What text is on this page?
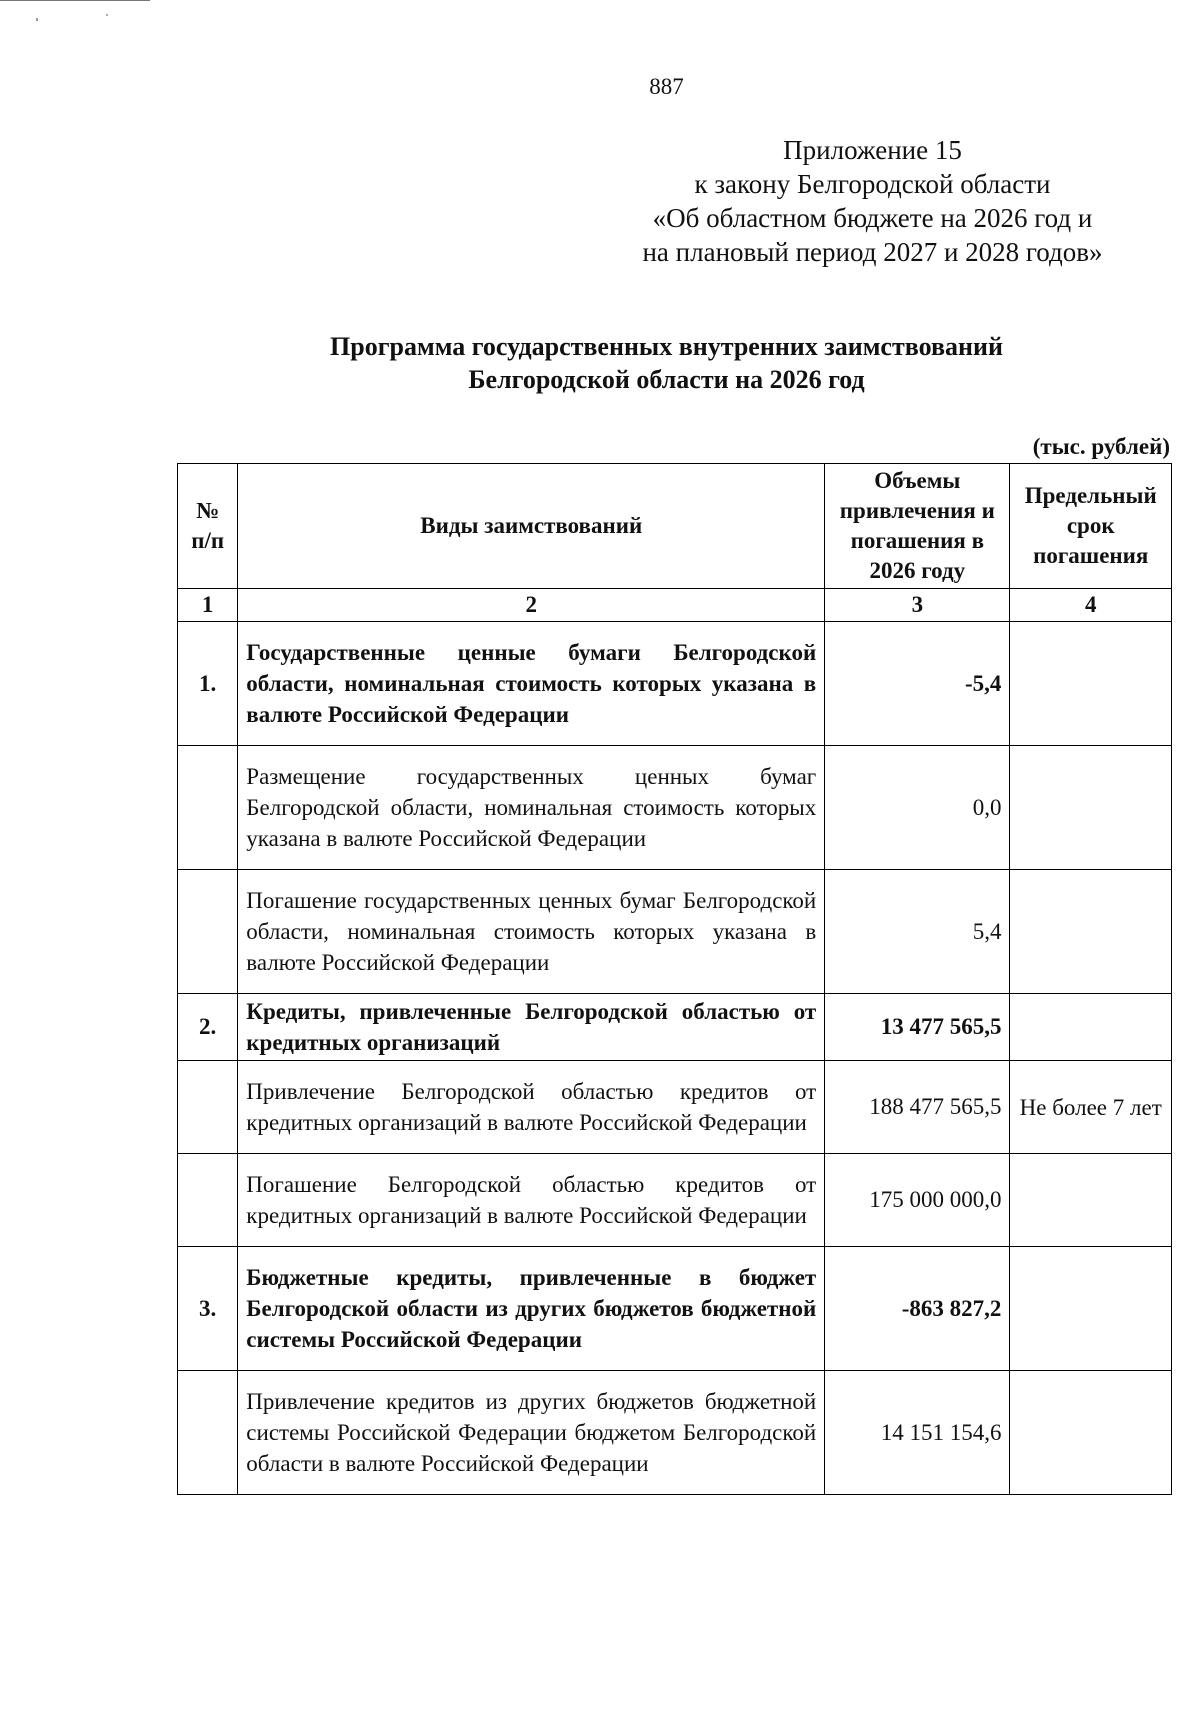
887
Приложение 15
к закону Белгородской области
«Об областном бюджете на 2026 год и
на плановый период 2027 и 2028 годов»
Программа государственных внутренних заимствований
Белгородской области на 2026 год
(тыс. рублей)
№ п/п	Виды заимствований	Объемы привлечения и погашения в 2026 году	Предельный срок погашения
1	2	3	4
1.	Государственные ценные бумаги Белгородской области, номинальная стоимость которых указана в валюте Российской Федерации	-5,4	
	Размещение государственных ценных бумаг Белгородской области, номинальная стоимость которых указана в валюте Российской Федерации	0,0	
	Погашение государственных ценных бумаг Белгородской области, номинальная стоимость которых указана в валюте Российской Федерации	5,4	
2.	Кредиты, привлеченные Белгородской областью от кредитных организаций	13 477 565,5	
	Привлечение Белгородской областью кредитов от кредитных организаций в валюте Российской Федерации	188 477 565,5	Не более 7 лет
	Погашение Белгородской областью кредитов от кредитных организаций в валюте Российской Федерации	175 000 000,0	
3.	Бюджетные кредиты, привлеченные в бюджет Белгородской области из других бюджетов бюджетной системы Российской Федерации	-863 827,2	
	Привлечение кредитов из других бюджетов бюджетной системы Российской Федерации бюджетом Белгородской области в валюте Российской Федерации	14 151 154,6	
